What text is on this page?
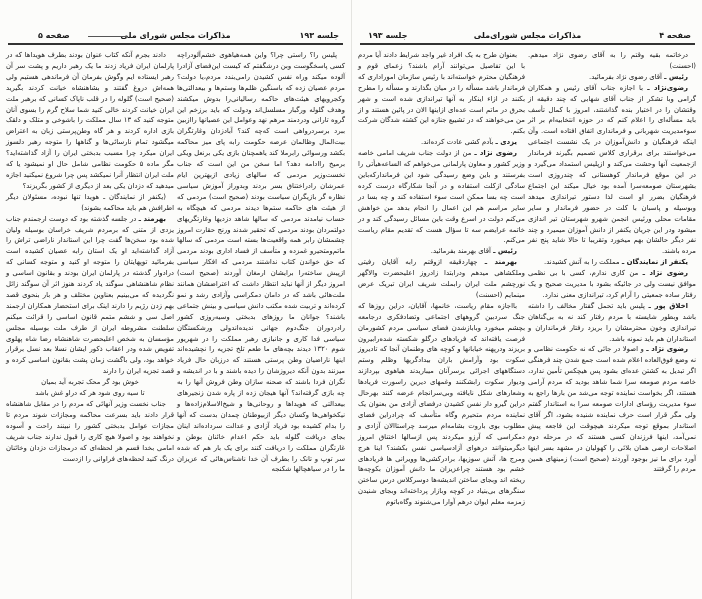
جلسه ۱۹۳
مذاکرات مجلس شورای ملی
صفحه ۵

پلیس را؟ راستی چرا؟ واین همه‌هیاهوی خشم‌آلودراچه کسی پاسخگوست وبن درشگفتم که کیست این‌فضای آزادرا آلوده میکند وراه نفس کشیدن رامی‌بندد مردم،یا دولت؟ مردم عصیان زده که باسنگین ظلم‌ها وستم‌ها و بیعدالتی‌ها وکجرویهای هیئت‌های حاکمه رسالیانی‌را بدوش میکشند وهدف گلوله ورگبار مسلسل‌اند ودولت که باید برزخم این گروه تارانی ودردمند مرهم نهد وعوامل این عصیانها راازبین ببرد برسردرواهی است که‌چه کند؟ آبادزدان وغارتگران بیت‌المال وظالمان عرصه حکومت رابه پای میز محاکمه بکشد ورسوائی رابرملا کند یاهمچنان بازی یکی برنعل ویکی برمیخ راادامه دهد؟ اما سخن من این است که جناب نخست‌وزیر مردمی که سالهای زیادی ازبهترین ایام عمرشان رادراختناق بسر بردند وبدوراز آموزش سیاسی نظاره گر بازیگران سیاست بودند (صحیح است) مردمی که از هیئت های حاکمه ستم‌ها دیدند مردمی که هیچگاه به حساب نیامدند مردمی که سالها شاهد دزدیها وغارتگریهای دولتمردان بودند مردمی که تحقیر شدند ورنج حقارت امروز چشمشان رابر همه واقعیت‌ها بسته است مردمی که سالها ماتم‌ومتحیرو غمزده و متأسف از فساد اداری بودند مردمی که حق خواندن کتاب نداشتند مردمی که افکار سیاسی ازپیش ساخته‌را برایشان ارمغان آوردند (صحیح است) امروز دیگر از آنها نباید انتظار داشت که اعتراضشان همانند ملت‌هائی باشد که در دامان دمکراسی وآزادی رشد و نمو کرده‌اند و تربیت شده مکتب دانش سیاسی و بینش جتماعی باشند؟ جوانان ما روزهای بدبختی وسیه‌روزی کشور رادردوران جنگ‌دوم جهانی ندیده‌اندولی ورشکستگان سیاسی فدا کاری و جانبازی رهبر مملکت را در شهریور شوم ۱۳۲۰ دیدند بچه‌های ما طعم تلخ تجزیه را نچشیده‌اند اینها ناراضیان وطن پرستی هستند که درزبان حال فریاد میزنند بدون آنکه دیروزشان را دیده باشند و با در اندیشه و نگران فردا باشند که صحنه سازان وطن فروش آنها را به چه بازی گرفته‌اند؟ آنها هیجان زده از پاره شدن زنجیرهای بیعدالتی که هویداها و روحانی‌ها و شیخ‌الاسلام‌زاده‌ها و نیکخواهی‌ها وکسان دیگر ازبیوطنان چمدان بدست که آنها را بدام کشیده بود فریاد آزادی و عدالت سرداده‌اند اینان بجای دریافت گلوله باید حکم اعدام خائنان بوطن و غارتگران مملکت را دریافت کنند برای یک بار هم که شده سر توپ و تانک را بطرف آن خدا ناشناس‌هائی که عزیزان ما را در سیاهچالها شکنجه

دادند بجرم آنکه کتاب عنوان بودند بطرف هویداها که در پارلمان ایران فریاد زدند ما یک رهبر داریم و پشت سر آن رهبر ایستاده ایم وگوش بفرمان آن فرماندهی هستیم ولی همه‌اش دروغ گفتند و بشاهنشاه خیانت کردند بگیرید (صحیح است) گلوله را در قلب ناپاک کسانی که برهبر ملت ایران خیانت کردند خالی کنید شما سلاح گرم را بسوی آنان متوجه کنید که ۱۳ سال مملکت را باشوخی و متلک و دلقک بازی اداره کردند و هر گاه وطن‌پرستی زبان به اعتراض میگشود تمام نارسائی‌ها و گناهها را متوجه رهبر دلسوز ایران میکرد چرا مسبب بدبختی ایران را آزاد گذاشته‌اید؟ مگر ماده ۵ حکومت نظامی شامل حال او نمیشود یا که ملت ایران انتظار آنرا نمیکشد پس چرا شروع نمیکنید اجازه میدهید که دزدان یکی بعد از دیگری از کشور بگریزند؟

(یکنفر از نمایندگان ـ هویدا تنها نبوده، مسئولان دیگر اطرافش هم باید محاکمه بشوند)

بهرمند ـ در جلسه گذشته بود که دوست ارجمندم جناب یزدی از متنی که برمردم شریف خراسان بوسیله ولیان شده بود سخن‌ها گفت چرا این استاندار ناراضی تراش را آزاد گذاشته‌اید او یک استان رابه عصیان کشیده است بفرمائید توپهایتان را متوجه او کنید و متوجه کسانی که درادوار گذشته در پارلمان ایران بودند و بقانون اساسی و نظام شاهنشاهی سوگند یاد کردند هنوز اثر آن سوگند زائل نگردیده که می‌بینیم بعناوین مختلف و هر بار بنحوی قصد بهم زدن رژیم را دارند اینک برای استحضار همکاران ارجمند اصل سی و ششم متمم قانون اساسی را قرائت میکنم سلطنت مشروطه ایران از طرف ملت بوسیله مجلس مؤسسان به شخص اعلیحضرت شاهنشاه رضا شاه پهلوی تفویض شده ودر اعقاب ذکور ایشان نسلا بعد نسل برقرار خواهد بود، ولی باگشت زمان پشت بقانون اساسی کرده و قصد تجزیه ایران را دارند

خوش بود گر محک تجربه آید بمیان

تا سیه روی شود هر که دراو غش باشد

جناب نخست وزیر آنهائی که مردم را در مقابل شاهنشاه قرار دادند باید بسرعت محاکمه ومجازات شوند مردم تا مجازات عوامل بدبختی کشور را نبینند راحت و آسوده نخواهند بود و اصولا هیچ کاری را قبول ندارند جناب شریف امامی بخدا قسم هر لحظه‌ای که درمجازات دزدان وخائنان درنگ کنید لحظه‌های فراوانی را ازدست

صفحه ۴
مذاکرات مجلس شورای‌ملی
جلسه ۱۹۳

درخاتمه بقیه وقتم را به آقای رضوی نژاد میدهم. (احسنت)

رئیس ـ آقای رضوی نژاد بفرمائید.

رضوی‌نژاد ـ با اجازه جناب آقای رئیس و همکاران گرامی وبا تشکر از جناب آقای شهابی که چند دقیقه از وقتشان را در اختیار بنده گذاشتند، امروز با کمال تأسف باید مسأله‌ای را اعلام کنم که در حوزه انتخابیه‌ام بر اثر سوءمدیریت شهربانی و فرمانداری اتفاق افتاده است. وآن اینکه فرهنگیان و دانش‌آموزان در یک نشست اجتماعی می‌خواستند برای برقراری کلاس تصمیم بگیرند فرماندار ازجمعیت آنها وحشت می‌کند و ازپلیس استمداد می‌گیرد و در این موقع فرماندار کوهستانی که چندروزی است بشهرستان صومعه‌سرا آمده بود خیال میکند این اجتماع فرهنگیان بضرر او است لذا دستور تیراندازی میدهد وبوسیله و پاسبان با کلت در حضور فرماندار و سایر مقامات محلی ورئیس انجمن شهرو شهرستان تیر اندازی میشود ودر این جریان یکنفر از دانش آموزان میمیرد و چند نفر دیگر حالشان بهم میخورد وتقریبا تا حالا شاید پنج نفر مرده باشند.

یکنفر از نمایندگان ـ مملکت را به آتش کشیدند.

رضوی نژاد ـ من کاری ندارم، کسی با بی نظمی موافق نیست ولی در جائیکه بشود با مدیریت صحیح و یک رفتار ساده جمعیتی را آرام کرد، تیراندازی معنی ندارد.

اخلاق پور ـ پلیس باید تحمل گفتار مخالف را داشته باشد وبطور شایسته با مردم رفتار کند نه به بی‌گناهان تیراندازی وخون محترمشان را بریزد رفتار فرمانداران و استانداران هم باید نمونه باشد.

رضوی نژاد ـ و اصولا در جائی که نه حکومت نظامی و نه وضع فوق‌العاده اعلام شده است جمع شدن چند فرهنگی اگر تبدیل به کشتن عده‌ای بشود پس هیچکس تأمین ندارد، خاصه مردم صومعه سرا شما شاهد بودید که مردم آرامی هستند، اگر بخواست نماینده توجه می‌شد من بارها راجع به سوء مدیریت رؤسای ادارات صومعه سرا به استاندار گفتم ولی مگر قرار است حرف نماینده شنیده بشود، اگر آقای استاندار بموقع توجه میکردند هیچوقت این فاجعه پیش نمی‌آمد، اینها فرزندان کسی هستند که در مرحله دوم اصلاحات ارضی همان بلائی را کهولیان در مشهد بسر اینها آورد برای ما نیز بوجود آوردند (صحیح است) زمینهای همین مردم را گرفتند

بعنوان طرح به یک افراد غیر واجد شرایط دادند آیا مردم با این تفاصیل می‌توانند آرام باشند؟ زعمای قوم و فرهنگیان محترم خواسته‌اند با رئیس سازمان اموراداری که فرماندار باشد مسأله را در میان بگذارند و مسأله را مطرح بکنند در ازاء اینکار به آنها تیراندازی شده است و شهر بحرق در ماتم است عده‌ای ازاینها الان در پائین هستند و از من می‌خواهند که در تشییع جنازه این کشته شدگان شرکت بکنم.

یزدی ـ بآدم کشی عادت کرده‌اند.

رضوی نژاد ـ من از دولت جناب شریف امامی خاصه وزیر کشور و معاون پارلمانی می‌خواهم که الساعه‌هیأتی را بفرستند و باین وضع رسیدگی شود این فرماندارکه‌باین سادگی ازکلت استفاده و در آنجا شکارگاه درست کرده است چه بسا ممکن است سوء استفاده کند و چه بسا در سایر مراسم هم این اعمال را انجام بدهد من خواهش می‌کنم دولت در اسرع وقت باین مسائل رسیدگی کند و در خاتمه عرایضم سه تا سؤال هست که تقدیم مقام ریاست می‌کنم.

رئیس ـ آقای بهرمند بفرمائید.

بهرمند ـ چهاردقیقه ازوقتم رابه آقایان رفیتی وملکشاهی میدهم ودرابتدا زادروز اعلیحضرت والاگهر نورچشم ملت ایران رابملت شریف ایران تبریک عرض مینمایم (احسنت)

بااجازه مقام ریاست، خانمها، آقایان، دراین روزها که جنگ سردبین گروههای اجتماعی وتضادفکری درجامعه بچشم میخورد وبابازشدن فضای سیاسی مردم کشورمان فرصت یافته‌اند که فریادهای درگلو شکسته شده‌رابیرون بریزند ودرپهنه خیابانها و کوچه های وطنمان آنجا که تادیروز سکوت بود وآرامش باران بیدادگریها وظلم وستم دستگاههای اجرائی برسرآنان میباریدند هیاهوی بپردازند ودیوار سکوت رابشکنند وغمهای دیرین راسورت فریادها وشعارهای شکل نایافته وبی‌سرانجام عرضه کنند بهرحال دراین گیرو دار نفس کشیدن درفضای آزادی من بعنوان یک نماینده مردم متحیرم وگاه متأسف که چرادراین فضای مطلوب بوی باروت بشامه‌ام میرسد چراستاالان آزادی و دمکراسی که آرزو میکردند پس ازسالها اختناق امروز دیگرمیتوانند درهوای آزادسیاسی نفس بکشند؟ اینا هرج ومرج ها، آتش سوزیها، برادرکشی‌ها وویرانی ها فریادهای خشم بود هستند چراعزیزان ما دانش آموزان بکوچه‌ها ریخته اند وبجای ساختن اندیشه‌ها دوسرکلاس درس ساختن سنگرهای بی‌بنیاد در کوچه وبازار پرداخته‌اند وبجای شنیدن زمزمه معلم ایوان درهم آوارا می‌شنوند وگاه‌باتوم
